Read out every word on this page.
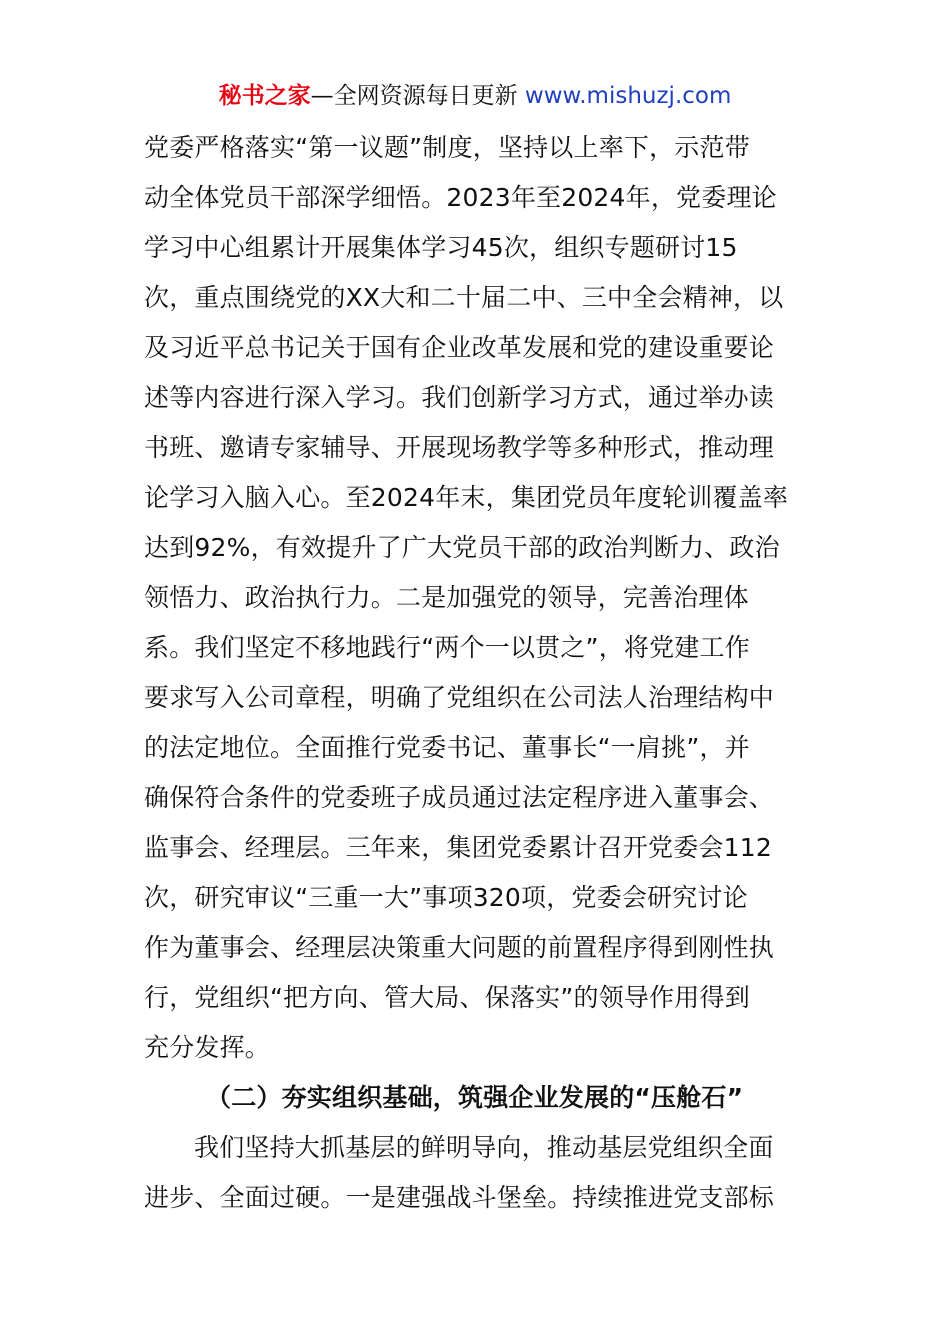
秘书之家—全网资源每日更新 www.mishuzj.com
党委严格落实“第一议题”制度，坚持以上率下，示范带
动全体党员干部深学细悟。2023年至2024年，党委理论
学习中心组累计开展集体学习45次，组织专题研讨15
次，重点围绕党的XX大和二十届二中、三中全会精神，以
及习近平总书记关于国有企业改革发展和党的建设重要论
述等内容进行深入学习。我们创新学习方式，通过举办读
书班、邀请专家辅导、开展现场教学等多种形式，推动理
论学习入脑入心。至2024年末，集团党员年度轮训覆盖率
达到92%，有效提升了广大党员干部的政治判断力、政治
领悟力、政治执行力。二是加强党的领导，完善治理体
系。我们坚定不移地践行“两个一以贯之”，将党建工作
要求写入公司章程，明确了党组织在公司法人治理结构中
的法定地位。全面推行党委书记、董事长“一肩挑”，并
确保符合条件的党委班子成员通过法定程序进入董事会、
监事会、经理层。三年来，集团党委累计召开党委会112
次，研究审议“三重一大”事项320项，党委会研究讨论
作为董事会、经理层决策重大问题的前置程序得到刚性执
行，党组织“把方向、管大局、保落实”的领导作用得到
充分发挥。
（二）夯实组织基础，筑强企业发展的“压舱石”
我们坚持大抓基层的鲜明导向，推动基层党组织全面
进步、全面过硬。一是建强战斗堡垒。持续推进党支部标
